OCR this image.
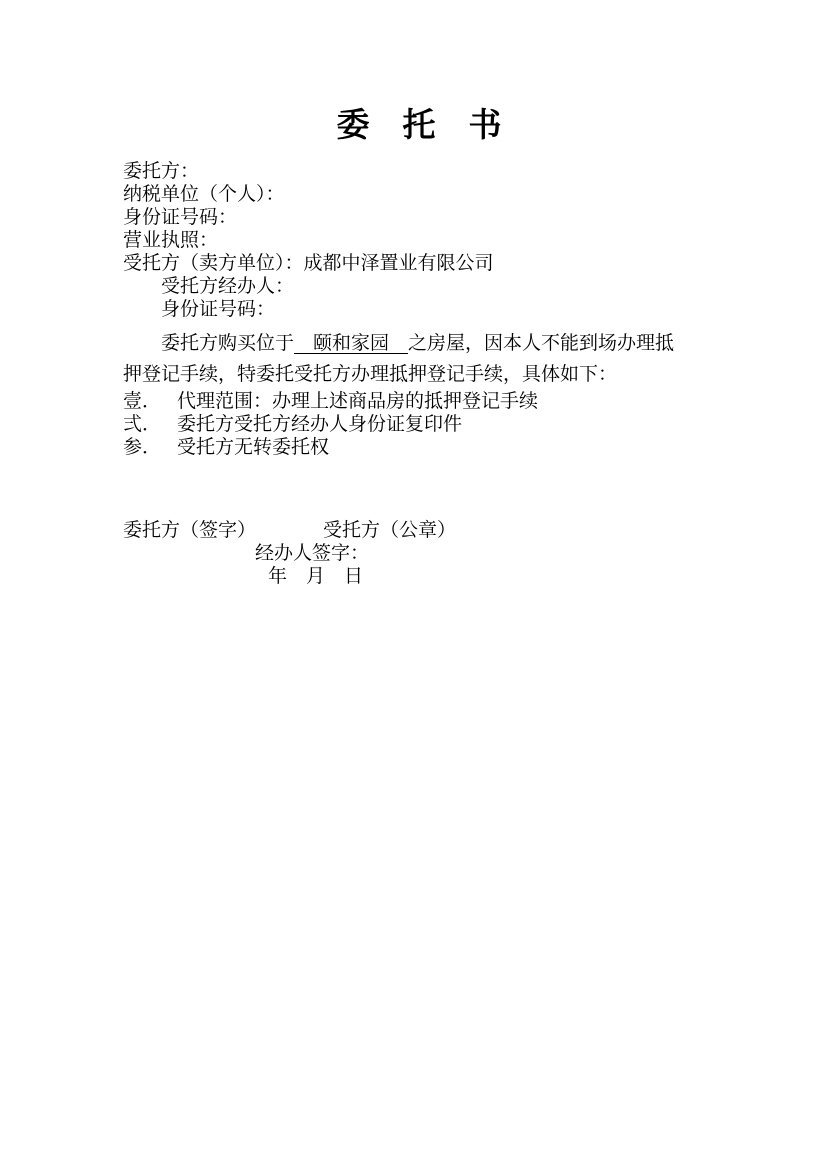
委　托　书
委托方：
纳税单位（个人）：
身份证号码：
营业执照：
受托方（卖方单位）：成都中泽置业有限公司
受托方经办人：
身份证号码：
委托方购买位于　颐和家园　之房屋，因本人不能到场办理抵
押登记手续，特委托受托方办理抵押登记手续，具体如下：
壹． 代理范围：办理上述商品房的抵押登记手续
弍． 委托方受托方经办人身份证复印件
参． 受托方无转委托权
委托方（签字）	受托方（公章）
经办人签字：
年　月　日
